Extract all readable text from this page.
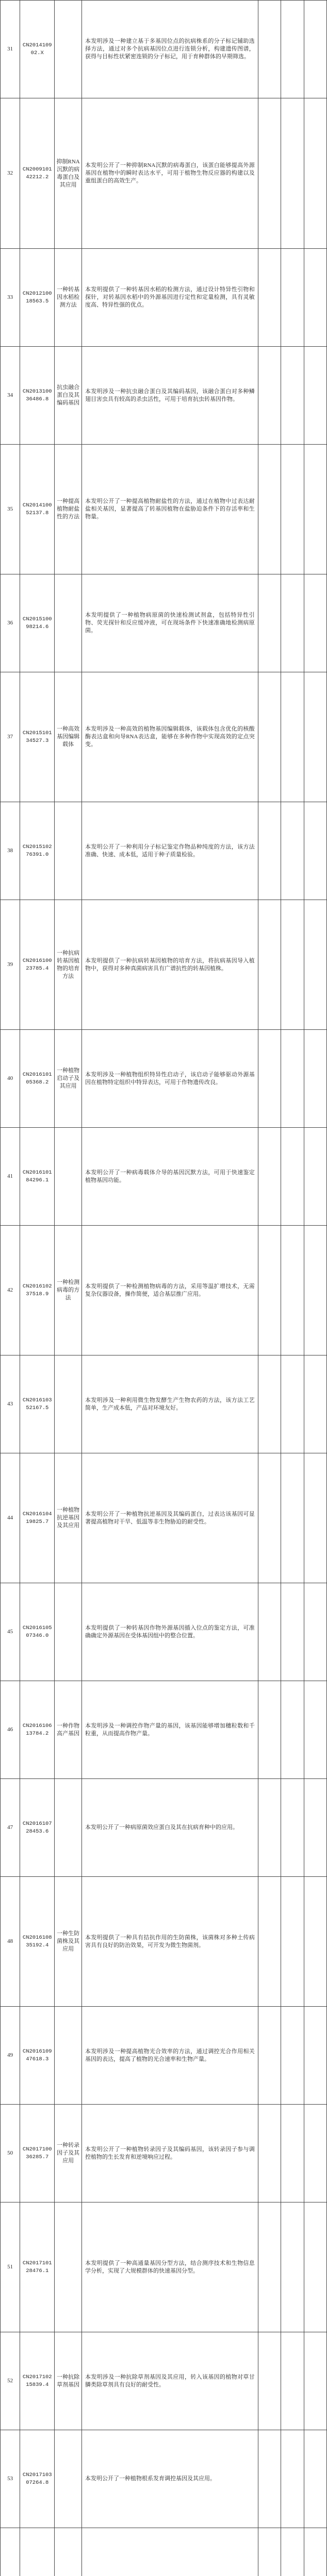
31	CN201410902.X		本发明涉及一种建立基于多基因位点的抗病株系的分子标记辅助选择方法，通过对多个抗病基因位点进行连锁分析，构建遗传图谱，获得与目标性状紧密连锁的分子标记，用于育种群体的早期筛选。			
32	CN200910142212.2	抑制RNA沉默的病毒蛋白及其应用	本发明公开了一种抑制RNA沉默的病毒蛋白，该蛋白能够提高外源基因在植物中的瞬时表达水平，可用于植物生物反应器的构建以及重组蛋白的高效生产。			
33	CN201210018563.5	一种转基因水稻检测方法	本发明提供了一种转基因水稻的检测方法，通过设计特异性引物和探针，对转基因水稻中的外源基因进行定性和定量检测，具有灵敏度高、特异性强的优点。			
34	CN201310036486.8	抗虫融合蛋白及其编码基因	本发明涉及一种抗虫融合蛋白及其编码基因，该融合蛋白对多种鳞翅目害虫具有较高的杀虫活性，可用于培育抗虫转基因作物。			
35	CN201410052137.8	一种提高植物耐盐性的方法	本发明公开了一种提高植物耐盐性的方法，通过在植物中过表达耐盐相关基因，显著提高了转基因植物在盐胁迫条件下的存活率和生物量。			
36	CN201510098214.6		本发明提供了一种植物病原菌的快速检测试剂盒，包括特异性引物、荧光探针和反应缓冲液，可在现场条件下快速准确地检测病原菌。			
37	CN201510134527.3	一种高效基因编辑载体	本发明涉及一种高效的植物基因编辑载体，该载体包含优化的核酸酶表达盒和向导RNA表达盒，能够在多种作物中实现高效的定点突变。			
38	CN201510276391.0		本发明公开了一种利用分子标记鉴定作物品种纯度的方法，该方法准确、快速、成本低，适用于种子质量检验。			
39	CN201610023785.4	一种抗病转基因植物的培育方法	本发明提供了一种抗病转基因植物的培育方法，将抗病基因导入植物中，获得对多种真菌病害具有广谱抗性的转基因植株。			
40	CN201610105368.2	一种植物启动子及其应用	本发明涉及一种植物组织特异性启动子，该启动子能够驱动外源基因在植物特定组织中特异表达，可用于作物遗传改良。			
41	CN201610184296.1		本发明公开了一种病毒载体介导的基因沉默方法，可用于快速鉴定植物基因功能。			
42	CN201610237518.9	一种检测病毒的方法	本发明提供了一种检测植物病毒的方法，采用等温扩增技术，无需复杂仪器设备，操作简便，适合基层推广应用。			
43	CN201610352167.5		本发明涉及一种利用微生物发酵生产生物农药的方法，该方法工艺简单，生产成本低，产品对环境友好。			
44	CN201610419825.7	一种植物抗逆基因及其应用	本发明公开了一种植物抗逆基因及其编码蛋白，过表达该基因可显著提高植物对干旱、低温等非生物胁迫的耐受性。			
45	CN201610507346.0		本发明提供了一种转基因作物外源基因插入位点的鉴定方法，可准确确定外源基因在受体基因组中的整合位置。			
46	CN201610613784.2	一种作物高产基因	本发明涉及一种调控作物产量的基因，该基因能够增加穗粒数和千粒重，从而提高作物产量。			
47	CN201610728453.6		本发明公开了一种病原菌效应蛋白及其在抗病育种中的应用。			
48	CN201610835192.4	一种生防菌株及其应用	本发明提供了一种具有拮抗作用的生防菌株，该菌株对多种土传病害具有良好的防治效果，可开发为微生物菌剂。			
49	CN201610947618.3		本发明涉及一种提高植物光合效率的方法，通过调控光合作用相关基因的表达，提高了植物的光合速率和生物产量。			
50	CN201710036285.7	一种转录因子及其应用	本发明公开了一种植物转录因子及其编码基因，该转录因子参与调控植物的生长发育和逆境响应过程。			
51	CN201710128476.1		本发明提供了一种高通量基因分型方法，结合测序技术和生物信息学分析，实现了大规模群体的快速基因分型。			
52	CN201710215839.4	一种抗除草剂基因	本发明涉及一种抗除草剂基因及其应用，转入该基因的植物对草甘膦类除草剂具有良好的耐受性。			
53	CN201710307264.8		本发明公开了一种植物根系发育调控基因及其应用。			
